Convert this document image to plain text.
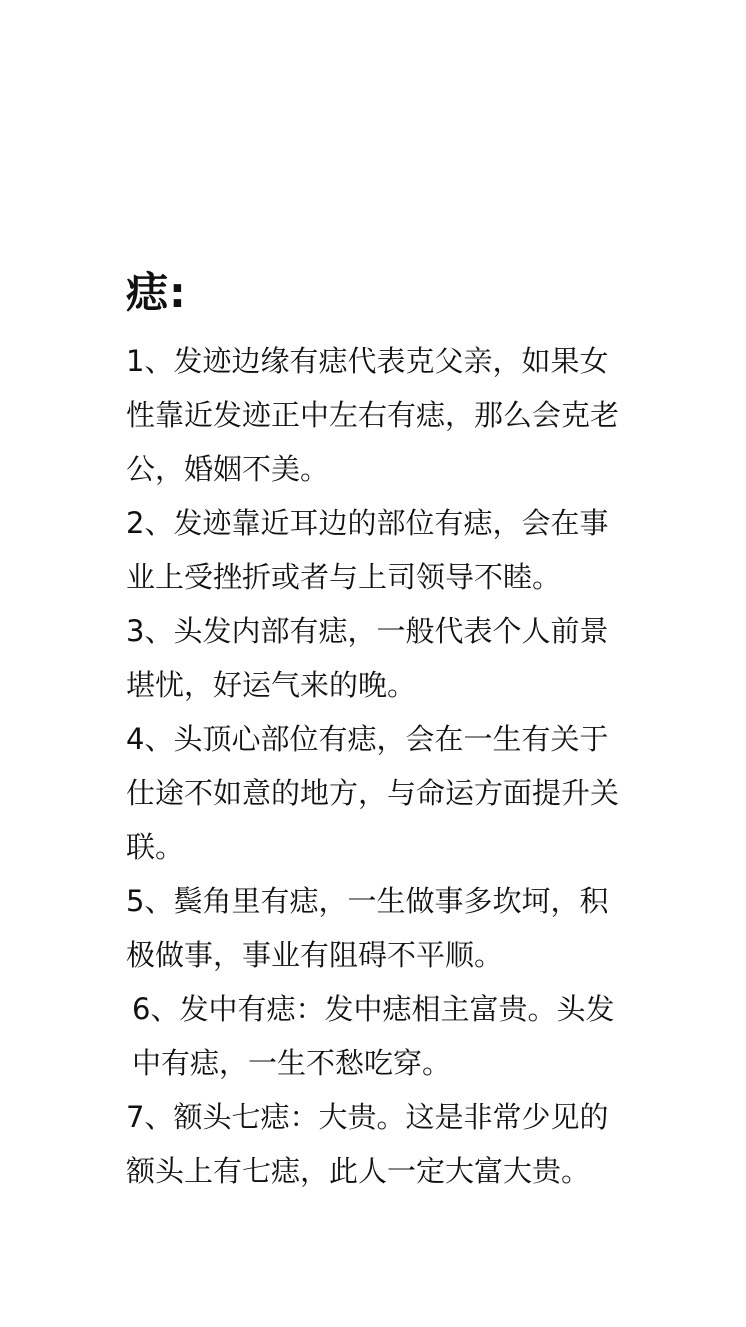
痣:

1、发迹边缘有痣代表克父亲，如果女性靠近发迹正中左右有痣，那么会克老公，婚姻不美。

2、发迹靠近耳边的部位有痣，会在事业上受挫折或者与上司领导不睦。

3、头发内部有痣，一般代表个人前景堪忧，好运气来的晚。

4、头顶心部位有痣，会在一生有关于仕途不如意的地方，与命运方面提升关联。

5、鬓角里有痣，一生做事多坎坷，积极做事，事业有阻碍不平顺。

6、发中有痣：发中痣相主富贵。头发中有痣，一生不愁吃穿。

7、额头七痣：大贵。这是非常少见的额头上有七痣，此人一定大富大贵。
